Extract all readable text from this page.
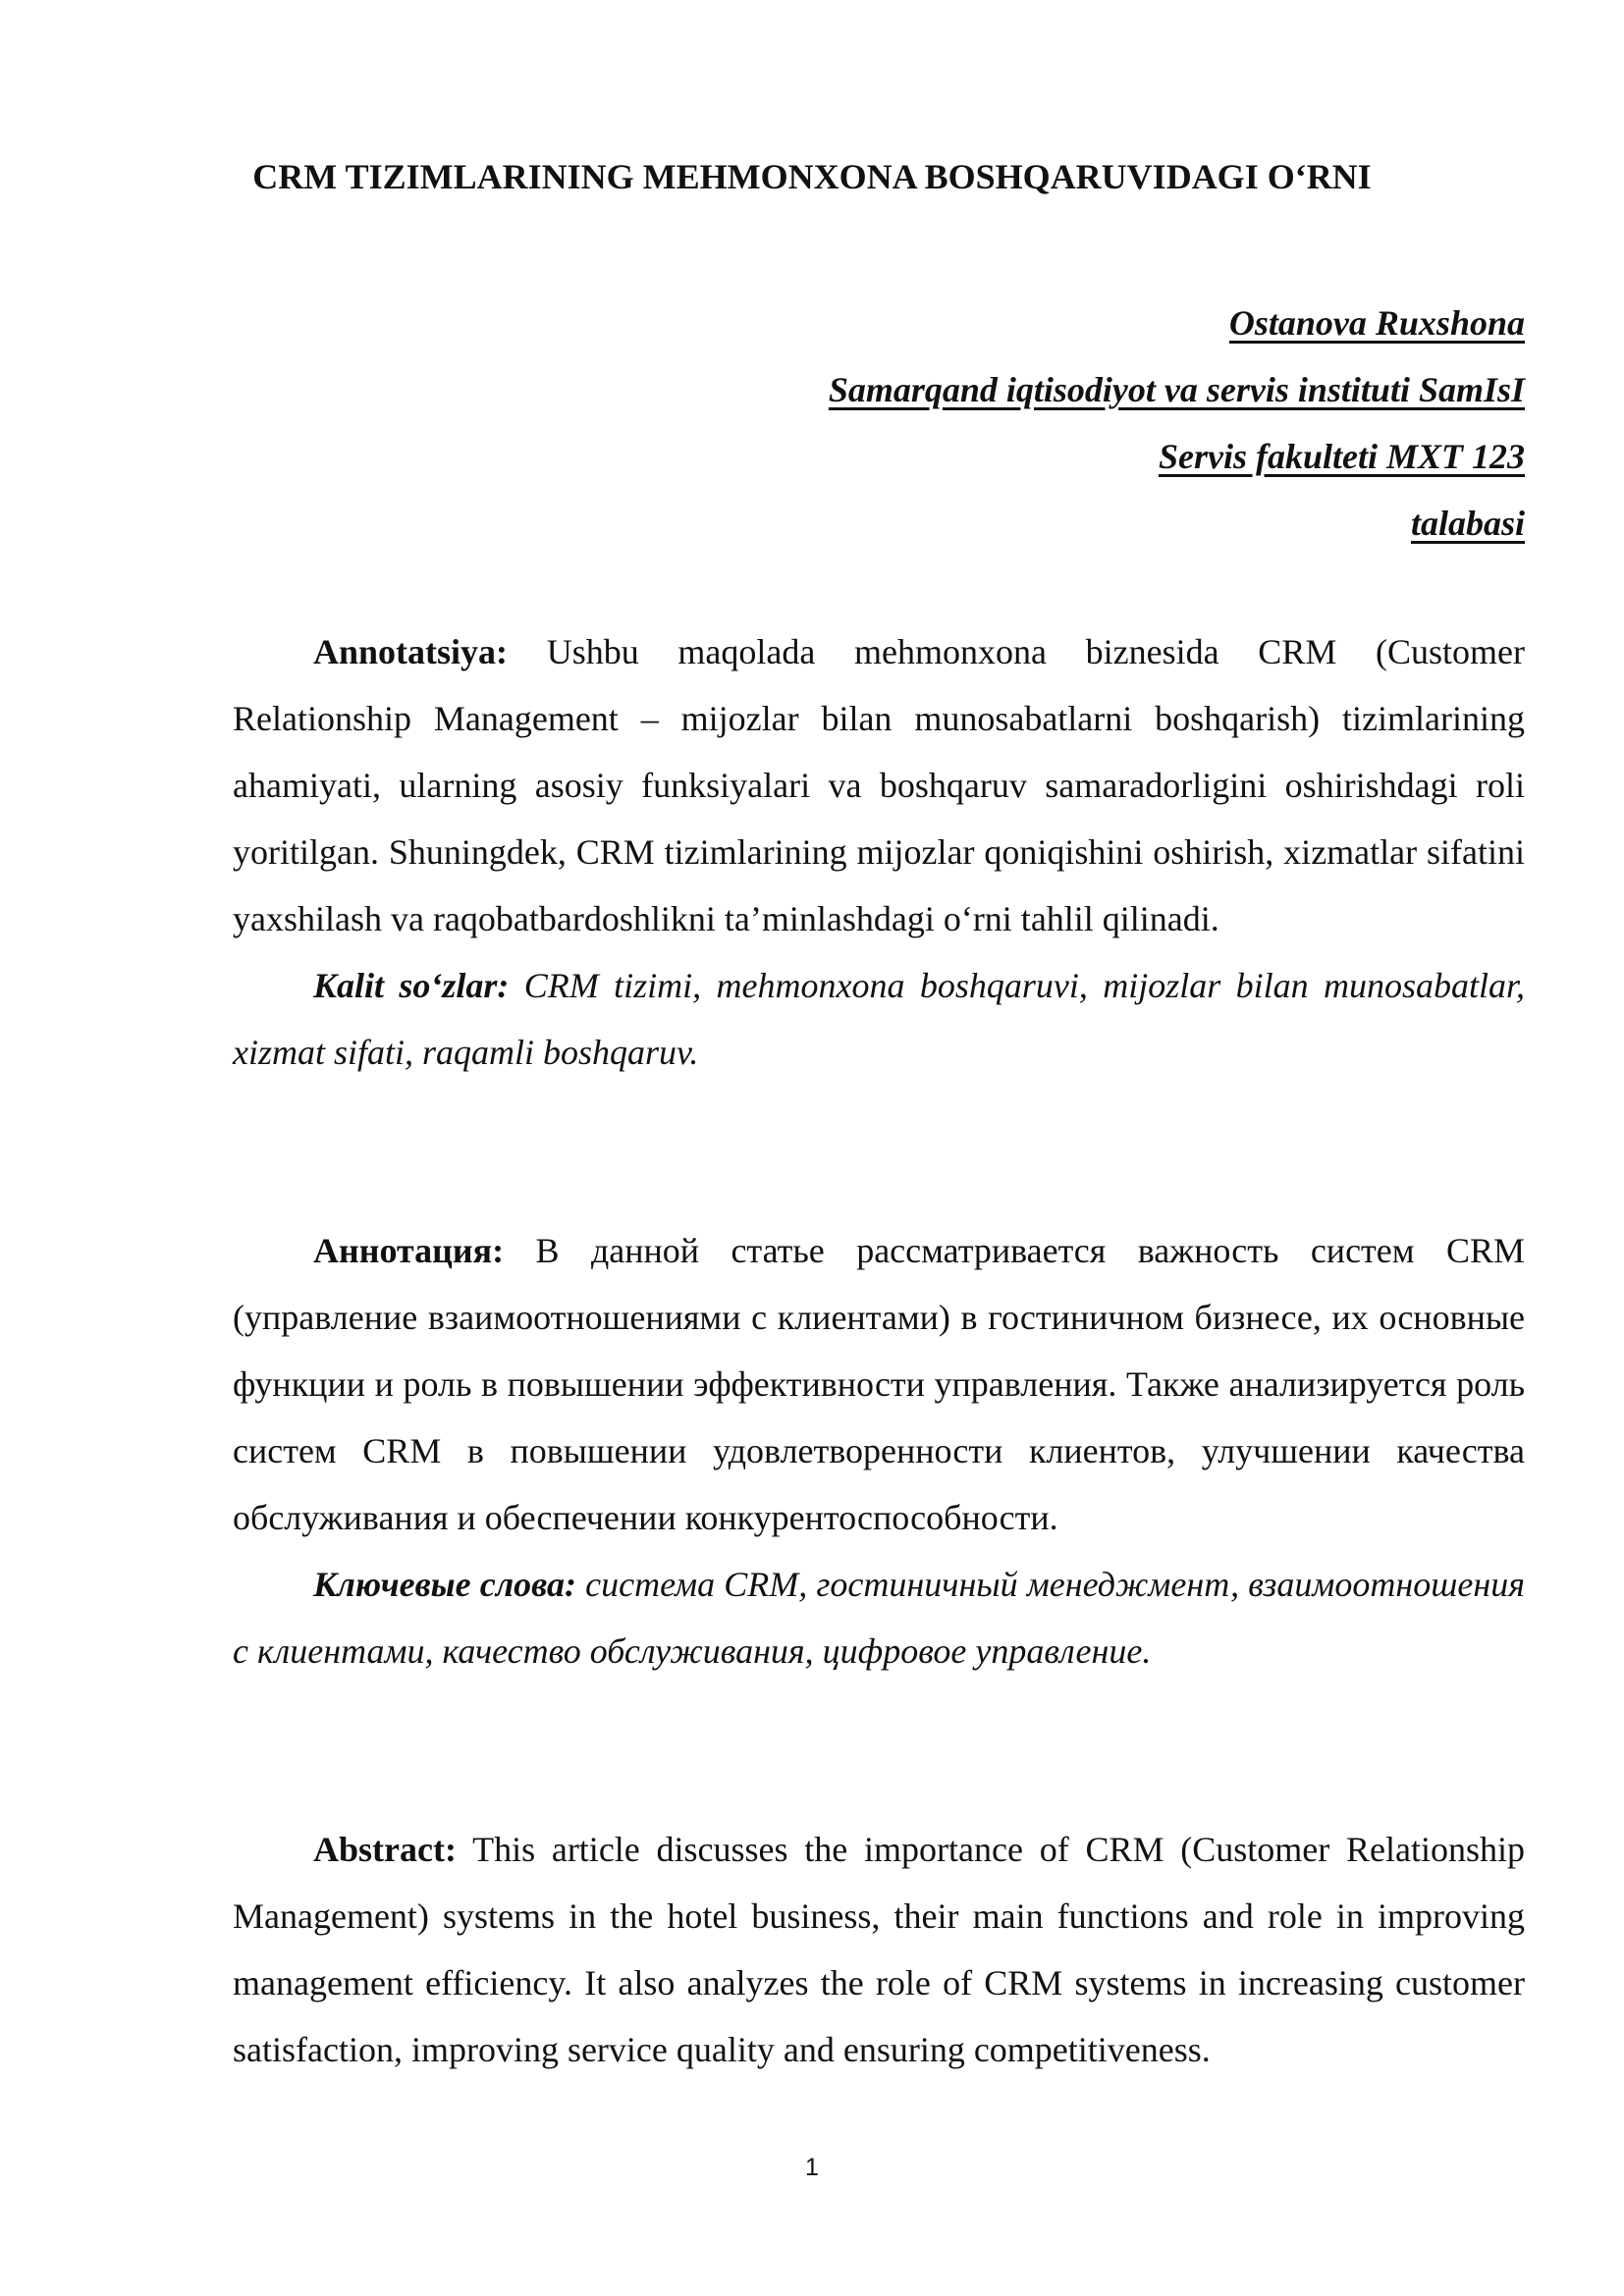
CRM TIZIMLARINING MEHMONXONA BOSHQARUVIDAGI O‘RNI
Ostanova Ruxshona
Samarqand iqtisodiyot va servis instituti SamIsI
Servis fakulteti MXT 123
talabasi

Annotatsiya: Ushbu maqolada mehmonxona biznesida CRM (Customer Relationship Management – mijozlar bilan munosabatlarni boshqarish) tizimlarining ahamiyati, ularning asosiy funksiyalari va boshqaruv samaradorligini oshirishdagi roli yoritilgan. Shuningdek, CRM tizimlarining mijozlar qoniqishini oshirish, xizmatlar sifatini yaxshilash va raqobatbardoshlikni ta’minlashdagi o‘rni tahlil qilinadi.

Kalit so‘zlar: CRM tizimi, mehmonxona boshqaruvi, mijozlar bilan munosabatlar, xizmat sifati, raqamli boshqaruv.

Аннотация: В данной статье рассматривается важность систем CRM (управление взаимоотношениями с клиентами) в гостиничном бизнесе, их основные функции и роль в повышении эффективности управления. Также анализируется роль систем CRM в повышении удовлетворенности клиентов, улучшении качества обслуживания и обеспечении конкурентоспособности.

Ключевые слова: система CRM, гостиничный менеджмент, взаимоотношения с клиентами, качество обслуживания, цифровое управление.

Abstract: This article discusses the importance of CRM (Customer Relationship Management) systems in the hotel business, their main functions and role in improving management efficiency. It also analyzes the role of CRM systems in increasing customer satisfaction, improving service quality and ensuring competitiveness.

1
